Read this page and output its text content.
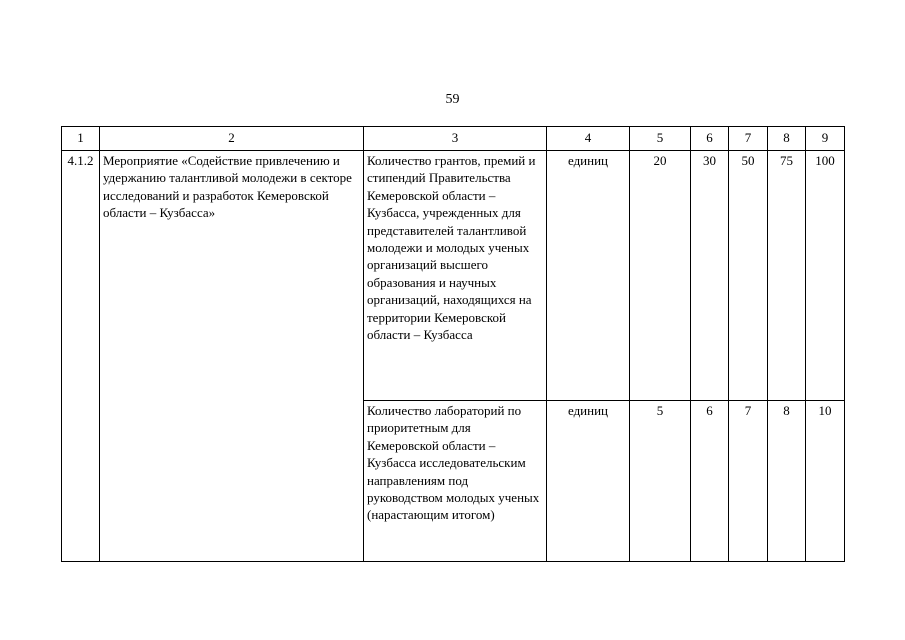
59
1	2	3	4	5	6	7	8	9
4.1.2	Мероприятие «Содействие привлечению и удержанию талантливой молодежи в секторе исследований и разработок Кемеровской области – Кузбасса»	Количество грантов, премий и стипендий Правительства Кемеровской области – Кузбасса, учрежденных для представителей талантливой молодежи и молодых ученых организаций высшего образования и научных организаций, находящихся на территории Кемеровской области – Кузбасса	единиц	20	30	50	75	100
		Количество лабораторий по приоритетным для Кемеровской области – Кузбасса исследовательским направлениям под руководством молодых ученых (нарастающим итогом)	единиц	5	6	7	8	10
